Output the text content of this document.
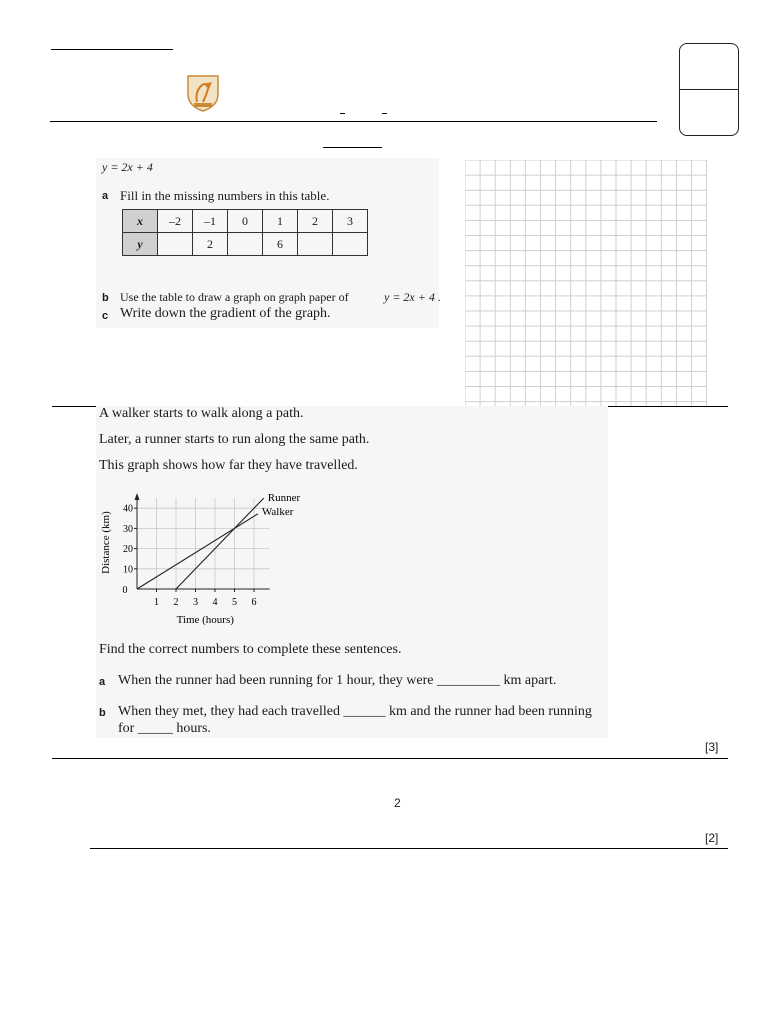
y = 2x + 4
a Fill in the missing numbers in this table.
x	–2	–1	0	1	2	3
y		2		6		
b Use the table to draw a graph on graph paper of	y = 2x + 4 .
c Write down the gradient of the graph.
A walker starts to walk along a path.
Later, a runner starts to run along the same path.
This graph shows how far they have travelled.
0
1 2 3 4 5 6
10
20
30
40
Time (hours)
Distance (km)	Walker
Runner
Find the correct numbers to complete these sentences.
a When the runner had been running for 1 hour, they were _________ km apart.
b When they met, they had each travelled ______ km and the runner had been running
for _____ hours.
[3]
2
[2]
